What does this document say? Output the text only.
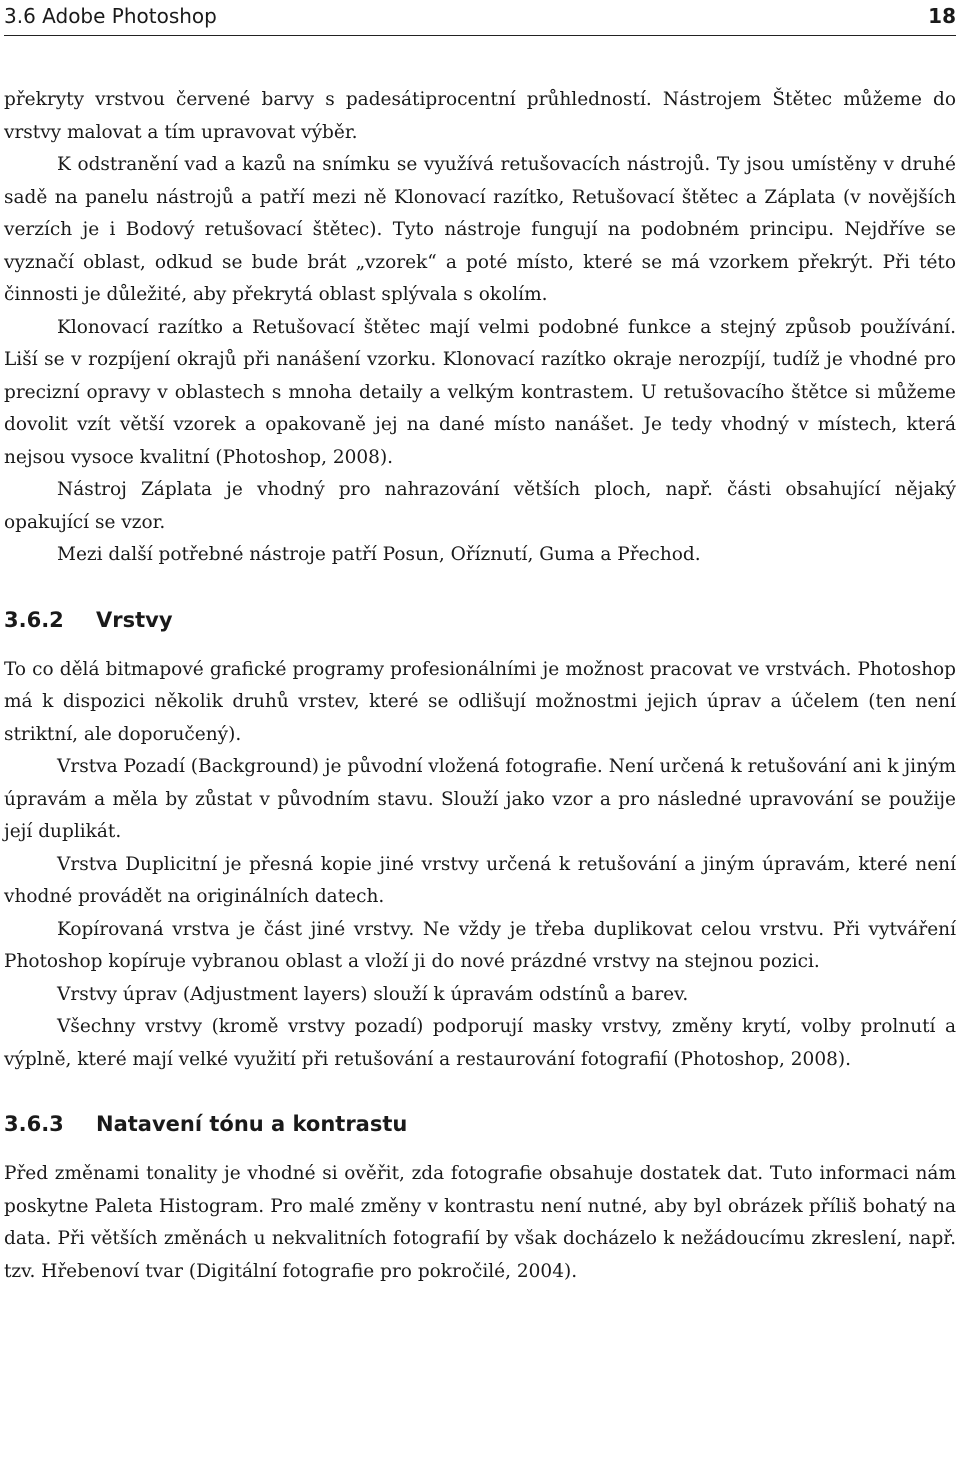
3.6 Adobe Photoshop	18

překryty vrstvou červené barvy s padesátiprocentní průhledností. Nástrojem Štětec můžeme do vrstvy malovat a tím upravovat výběr.

K odstranění vad a kazů na snímku se využívá retušovacích nástrojů. Ty jsou umístěny v druhé sadě na panelu nástrojů a patří mezi ně Klonovací razítko, Retušovací štětec a Záplata (v novějších verzích je i Bodový retušovací štětec). Tyto nástroje fungují na podobném principu. Nejdříve se vyznačí oblast, odkud se bude brát „vzorek“ a poté místo, které se má vzorkem překrýt. Při této činnosti je důležité, aby překrytá oblast splývala s okolím.

Klonovací razítko a Retušovací štětec mají velmi podobné funkce a stejný způsob používání. Liší se v rozpíjení okrajů při nanášení vzorku. Klonovací razítko okraje nerozpíjí, tudíž je vhodné pro precizní opravy v oblastech s mnoha detaily a velkým kontrastem. U retušovacího štětce si můžeme dovolit vzít větší vzorek a opakovaně jej na dané místo nanášet. Je tedy vhodný v místech, která nejsou vysoce kvalitní (Photoshop, 2008).

Nástroj Záplata je vhodný pro nahrazování větších ploch, např. části obsahující nějaký opakující se vzor.

Mezi další potřebné nástroje patří Posun, Oříznutí, Guma a Přechod.

3.6.2 Vrstvy

To co dělá bitmapové grafické programy profesionálními je možnost pracovat ve vrstvách. Photoshop má k dispozici několik druhů vrstev, které se odlišují možnostmi jejich úprav a účelem (ten není striktní, ale doporučený).

Vrstva Pozadí (Background) je původní vložená fotografie. Není určená k retušování ani k jiným úpravám a měla by zůstat v původním stavu. Slouží jako vzor a pro následné upravování se použije její duplikát.

Vrstva Duplicitní je přesná kopie jiné vrstvy určená k retušování a jiným úpravám, které není vhodné provádět na originálních datech.

Kopírovaná vrstva je část jiné vrstvy. Ne vždy je třeba duplikovat celou vrstvu. Při vytváření Photoshop kopíruje vybranou oblast a vloží ji do nové prázdné vrstvy na stejnou pozici.

Vrstvy úprav (Adjustment layers) slouží k úpravám odstínů a barev.

Všechny vrstvy (kromě vrstvy pozadí) podporují masky vrstvy, změny krytí, volby prolnutí a výplně, které mají velké využití při retušování a restaurování fotografií (Photoshop, 2008).

3.6.3 Natavení tónu a kontrastu

Před změnami tonality je vhodné si ověřit, zda fotografie obsahuje dostatek dat. Tuto informaci nám poskytne Paleta Histogram. Pro malé změny v kontrastu není nutné, aby byl obrázek příliš bohatý na data. Při větších změnách u nekvalitních fotografií by však docházelo k nežádoucímu zkreslení, např. tzv. Hřebenoví tvar (Digitální fotografie pro pokročilé, 2004).
